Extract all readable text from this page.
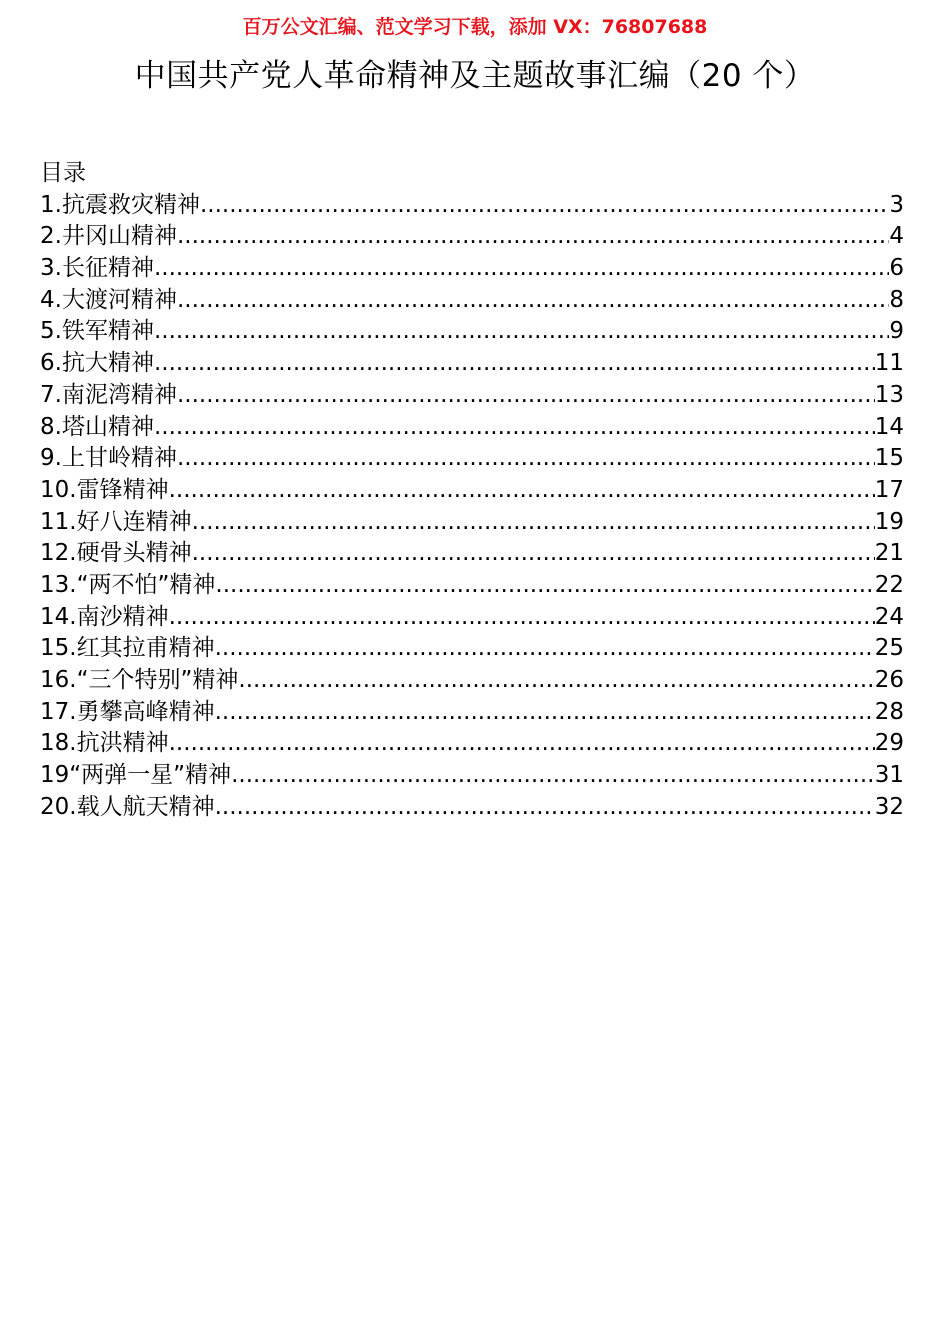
百万公文汇编、范文学习下载，添加 VX：76807688
中国共产党人革命精神及主题故事汇编（20 个）
目录
1.抗震救灾精神 .....	3
2.井冈山精神 .....	4
3.长征精神 .....	6
4.大渡河精神 .....	8
5.铁军精神 .....	9
6.抗大精神 .....	11
7.南泥湾精神 .....	13
8.塔山精神 .....	14
9.上甘岭精神 .....	15
10.雷锋精神 .....	17
11.好八连精神 .....	19
12.硬骨头精神 .....	21
13.“两不怕”精神 .....	22
14.南沙精神 .....	24
15.红其拉甫精神 .....	25
16.“三个特别”精神 .....	26
17.勇攀高峰精神 .....	28
18.抗洪精神 .....	29
19“两弹一星”精神 .....	31
20.载人航天精神 .....	32
